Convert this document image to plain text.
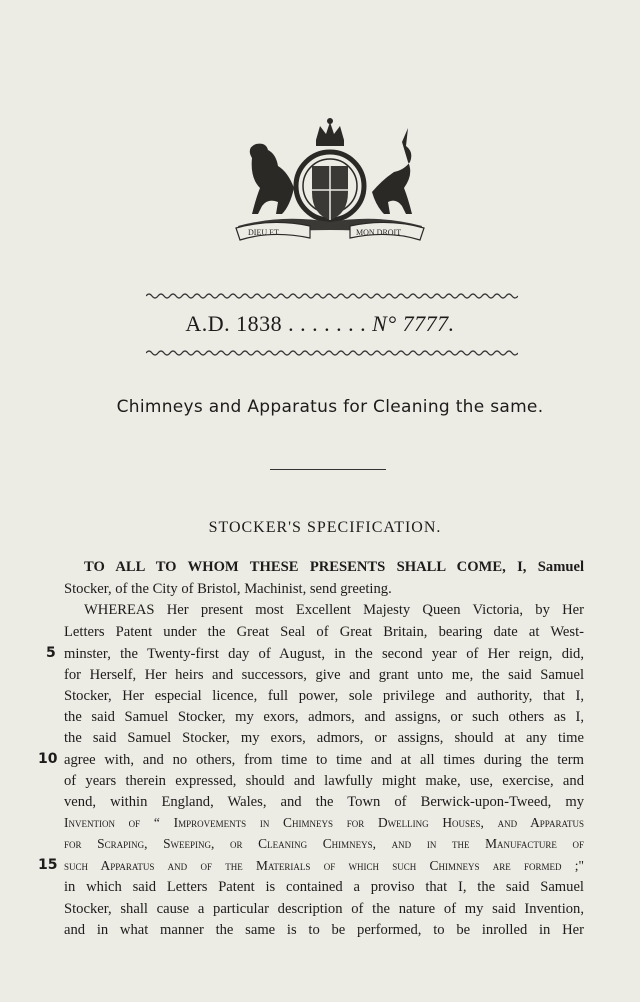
DIEU ET	MON DROIT
A.D. 1838 . . . . . . . N° 7777.
Chimneys and Apparatus for Cleaning the same.
STOCKER'S SPECIFICATION.
TO ALL TO WHOM THESE PRESENTS SHALL COME, I, Samuel
Stocker, of the City of Bristol, Machinist, send greeting.
WHEREAS Her present most Excellent Majesty Queen Victoria, by Her
Letters Patent under the Great Seal of Great Britain, bearing date at West-
minster, the Twenty-first day of August, in the second year of Her reign, did,
for Herself, Her heirs and successors, give and grant unto me, the said Samuel
Stocker, Her especial licence, full power, sole privilege and authority, that I,
the said Samuel Stocker, my exors, admors, and assigns, or such others as I,
the said Samuel Stocker, my exors, admors, or assigns, should at any time
agree with, and no others, from time to time and at all times during the term
of years therein expressed, should and lawfully might make, use, exercise, and
vend, within England, Wales, and the Town of Berwick-upon-Tweed, my
Invention of “ Improvements in Chimneys for Dwelling Houses, and Apparatus
for Scraping, Sweeping, or Cleaning Chimneys, and in the Manufacture of
such Apparatus and of the Materials of which such Chimneys are formed ;"
in which said Letters Patent is contained a proviso that I, the said Samuel
Stocker, shall cause a particular description of the nature of my said Invention,
and in what manner the same is to be performed, to be inrolled in Her
5
10
15
